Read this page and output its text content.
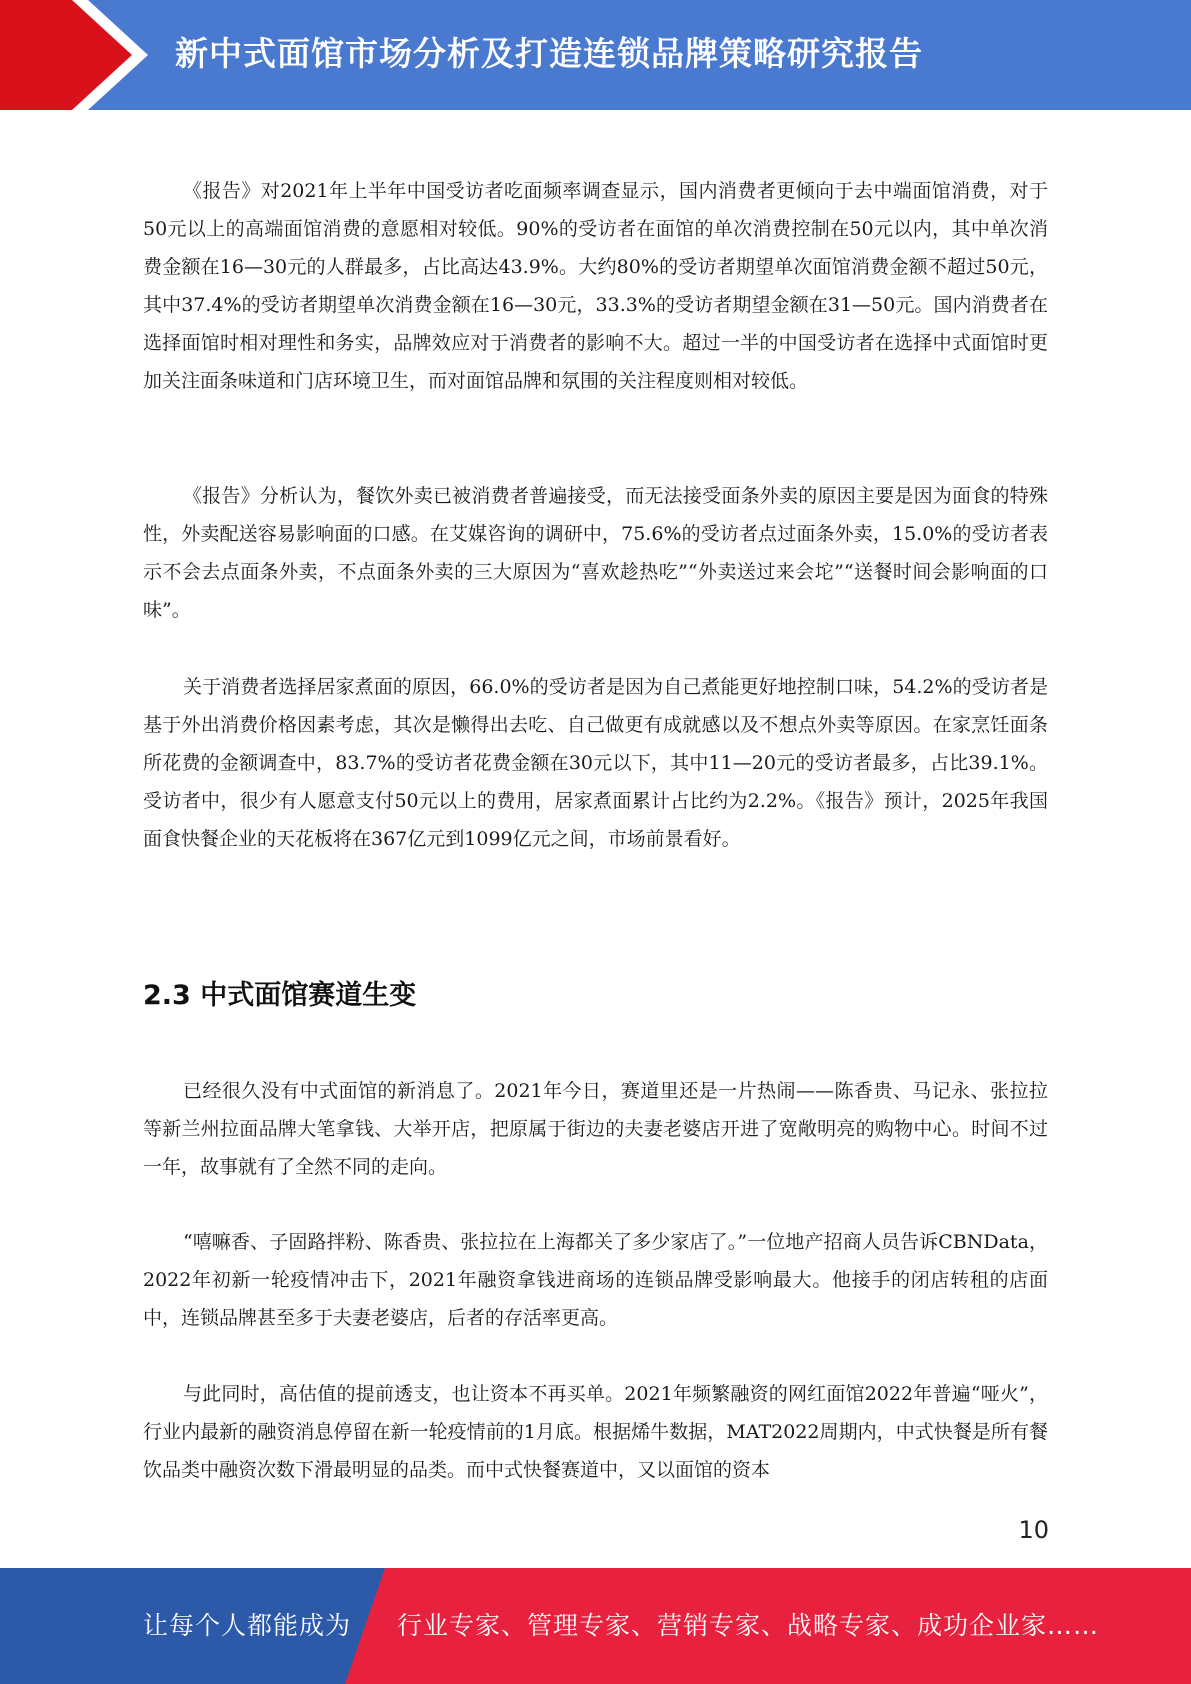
新中式面馆市场分析及打造连锁品牌策略研究报告

《报告》对2021年上半年中国受访者吃面频率调查显示，国内消费者更倾向于去中端面馆消费，对于50元以上的高端面馆消费的意愿相对较低。90%的受访者在面馆的单次消费控制在50元以内，其中单次消费金额在16—30元的人群最多，占比高达43.9%。大约80%的受访者期望单次面馆消费金额不超过50元，其中37.4%的受访者期望单次消费金额在16—30元，33.3%的受访者期望金额在31—50元。国内消费者在选择面馆时相对理性和务实，品牌效应对于消费者的影响不大。超过一半的中国受访者在选择中式面馆时更加关注面条味道和门店环境卫生，而对面馆品牌和氛围的关注程度则相对较低。

《报告》分析认为，餐饮外卖已被消费者普遍接受，而无法接受面条外卖的原因主要是因为面食的特殊性，外卖配送容易影响面的口感。在艾媒咨询的调研中，75.6%的受访者点过面条外卖，15.0%的受访者表示不会去点面条外卖，不点面条外卖的三大原因为“喜欢趁热吃”“外卖送过来会坨”“送餐时间会影响面的口味”。

关于消费者选择居家煮面的原因，66.0%的受访者是因为自己煮能更好地控制口味，54.2%的受访者是基于外出消费价格因素考虑，其次是懒得出去吃、自己做更有成就感以及不想点外卖等原因。在家烹饪面条所花费的金额调查中，83.7%的受访者花费金额在30元以下，其中11—20元的受访者最多，占比39.1%。受访者中，很少有人愿意支付50元以上的费用，居家煮面累计占比约为2.2%。《报告》预计，2025年我国面食快餐企业的天花板将在367亿元到1099亿元之间，市场前景看好。

2.3 中式面馆赛道生变

已经很久没有中式面馆的新消息了。2021年今日，赛道里还是一片热闹——陈香贵、马记永、张拉拉等新兰州拉面品牌大笔拿钱、大举开店，把原属于街边的夫妻老婆店开进了宽敞明亮的购物中心。时间不过一年，故事就有了全然不同的走向。

“嘻嘛香、子固路拌粉、陈香贵、张拉拉在上海都关了多少家店了。”一位地产招商人员告诉CBNData，2022年初新一轮疫情冲击下，2021年融资拿钱进商场的连锁品牌受影响最大。他接手的闭店转租的店面中，连锁品牌甚至多于夫妻老婆店，后者的存活率更高。

与此同时，高估值的提前透支，也让资本不再买单。2021年频繁融资的网红面馆2022年普遍“哑火”，行业内最新的融资消息停留在新一轮疫情前的1月底。根据烯牛数据，MAT2022周期内，中式快餐是所有餐饮品类中融资次数下滑最明显的品类。而中式快餐赛道中，又以面馆的资本

10
让每个人都能成为 行业专家、管理专家、营销专家、战略专家、成功企业家……
